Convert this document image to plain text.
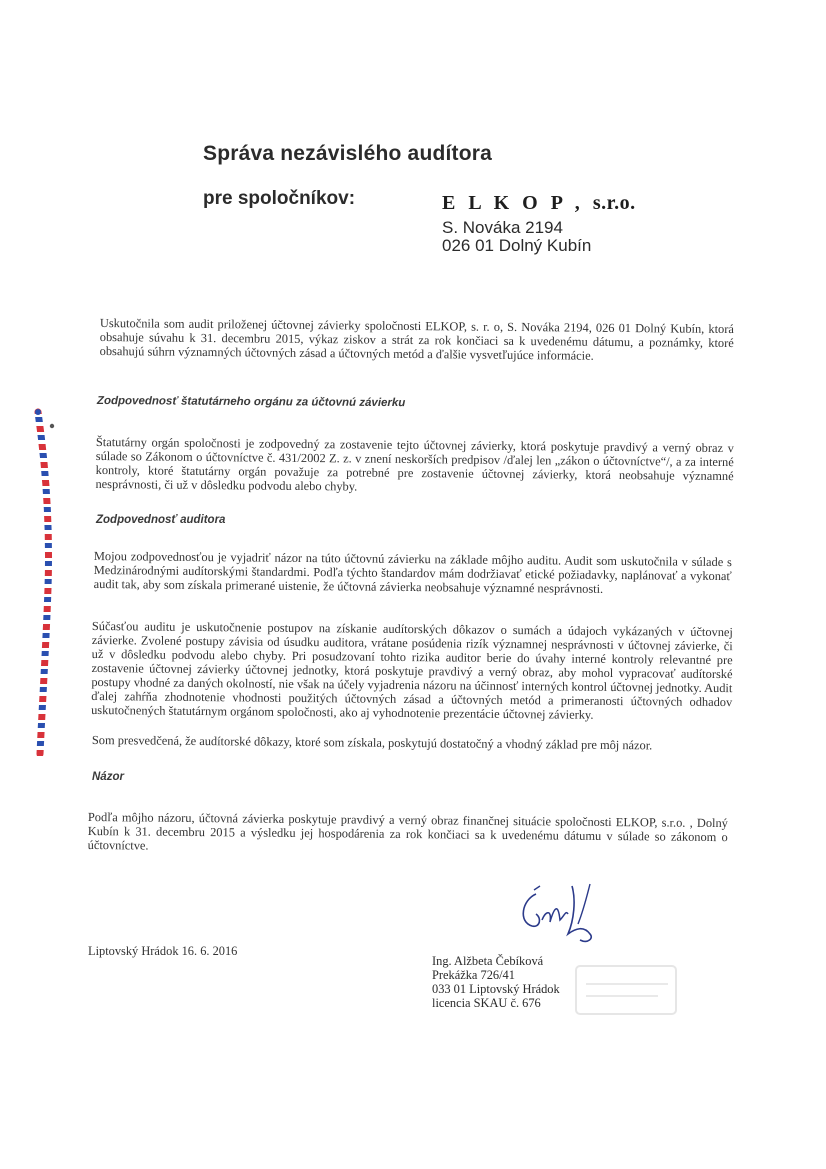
Správa nezávislého audítora
pre spoločníkov:	E L K O P , s.r.o.
S. Nováka 2194
026 01 Dolný Kubín

Uskutočnila som audit priloženej účtovnej závierky spoločnosti ELKOP, s. r. o, S. Nováka 2194, 026 01 Dolný Kubín, ktorá obsahuje súvahu k 31. decembru 2015, výkaz ziskov a strát za rok končiaci sa k uvedenému dátumu, a poznámky, ktoré obsahujú súhrn významných účtovných zásad a účtovných metód a ďalšie vysvetľujúce informácie.

Zodpovednosť štatutárneho orgánu za účtovnú závierku

Štatutárny orgán spoločnosti je zodpovedný za zostavenie tejto účtovnej závierky, ktorá poskytuje pravdivý a verný obraz v súlade so Zákonom o účtovníctve č. 431/2002 Z. z. v znení neskorších predpisov /ďalej len „zákon o účtovníctve“/, a za interné kontroly, ktoré štatutárny orgán považuje za potrebné pre zostavenie účtovnej závierky, ktorá neobsahuje významné nesprávnosti, či už v dôsledku podvodu alebo chyby.

Zodpovednosť auditora

Mojou zodpovednosťou je vyjadriť názor na túto účtovnú závierku na základe môjho auditu. Audit som uskutočnila v súlade s Medzinárodnými audítorskými štandardmi. Podľa týchto štandardov mám dodržiavať etické požiadavky, naplánovať a vykonať audit tak, aby som získala primerané uistenie, že účtovná závierka neobsahuje významné nesprávnosti.

Súčasťou auditu je uskutočnenie postupov na získanie audítorských dôkazov o sumách a údajoch vykázaných v účtovnej závierke. Zvolené postupy závisia od úsudku auditora, vrátane posúdenia rizík významnej nesprávnosti v účtovnej závierke, či už v dôsledku podvodu alebo chyby. Pri posudzovaní tohto rizika auditor berie do úvahy interné kontroly relevantné pre zostavenie účtovnej závierky účtovnej jednotky, ktorá poskytuje pravdivý a verný obraz, aby mohol vypracovať audítorské postupy vhodné za daných okolností, nie však na účely vyjadrenia názoru na účinnosť interných kontrol účtovnej jednotky. Audit ďalej zahŕňa zhodnotenie vhodnosti použitých účtovných zásad a účtovných metód a primeranosti účtovných odhadov uskutočnených štatutárnym orgánom spoločnosti, ako aj vyhodnotenie prezentácie účtovnej závierky.

Som presvedčená, že audítorské dôkazy, ktoré som získala, poskytujú dostatočný a vhodný základ pre môj názor.

Názor

Podľa môjho názoru, účtovná závierka poskytuje pravdivý a verný obraz finančnej situácie spoločnosti ELKOP, s.r.o. , Dolný Kubín k 31. decembru 2015 a výsledku jej hospodárenia za rok končiaci sa k uvedenému dátumu v súlade so zákonom o účtovníctve.

Liptovský Hrádok 16. 6. 2016
Ing. Alžbeta Čebíková
Prekážka 726/41
033 01 Liptovský Hrádok
licencia SKAU č. 676
